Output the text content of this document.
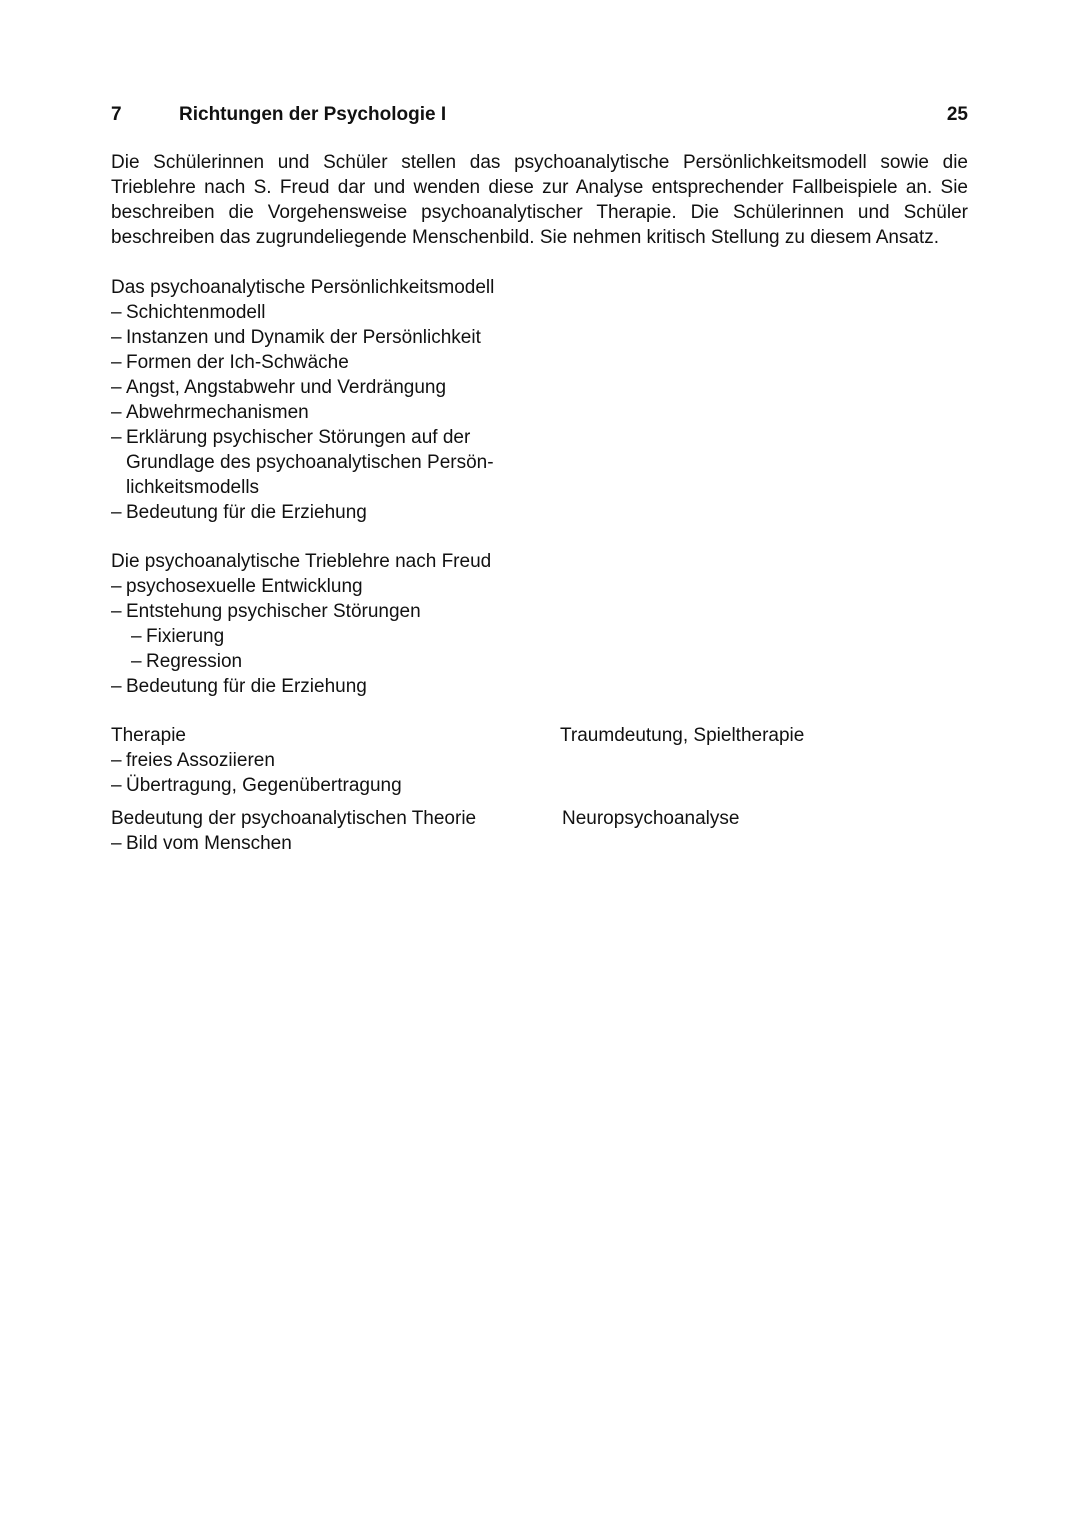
7	Richtungen der Psychologie I	25

Die Schülerinnen und Schüler stellen das psychoanalytische Persönlichkeitsmodell sowie die Trieblehre nach S. Freud dar und wenden diese zur Analyse entsprechender Fallbeispiele an. Sie beschreiben die Vorgehensweise psychoanalytischer Therapie. Die Schülerinnen und Schüler beschreiben das zugrundeliegende Menschenbild. Sie nehmen kritisch Stellung zu diesem Ansatz.

Das psychoanalytische Persönlichkeitsmodell
– Schichtenmodell
– Instanzen und Dynamik der Persönlichkeit
– Formen der Ich-Schwäche
– Angst, Angstabwehr und Verdrängung
– Abwehrmechanismen
– Erklärung psychischer Störungen auf der Grundlage des psychoanalytischen Persön- lichkeitsmodells
– Bedeutung für die Erziehung
Die psychoanalytische Trieblehre nach Freud
– psychosexuelle Entwicklung
– Entstehung psychischer Störungen
– Fixierung
– Regression
– Bedeutung für die Erziehung
Therapie
– freies Assoziieren
– Übertragung, Gegenübertragung
Traumdeutung, Spieltherapie
Bedeutung der psychoanalytischen Theorie
– Bild vom Menschen
Neuropsychoanalyse
